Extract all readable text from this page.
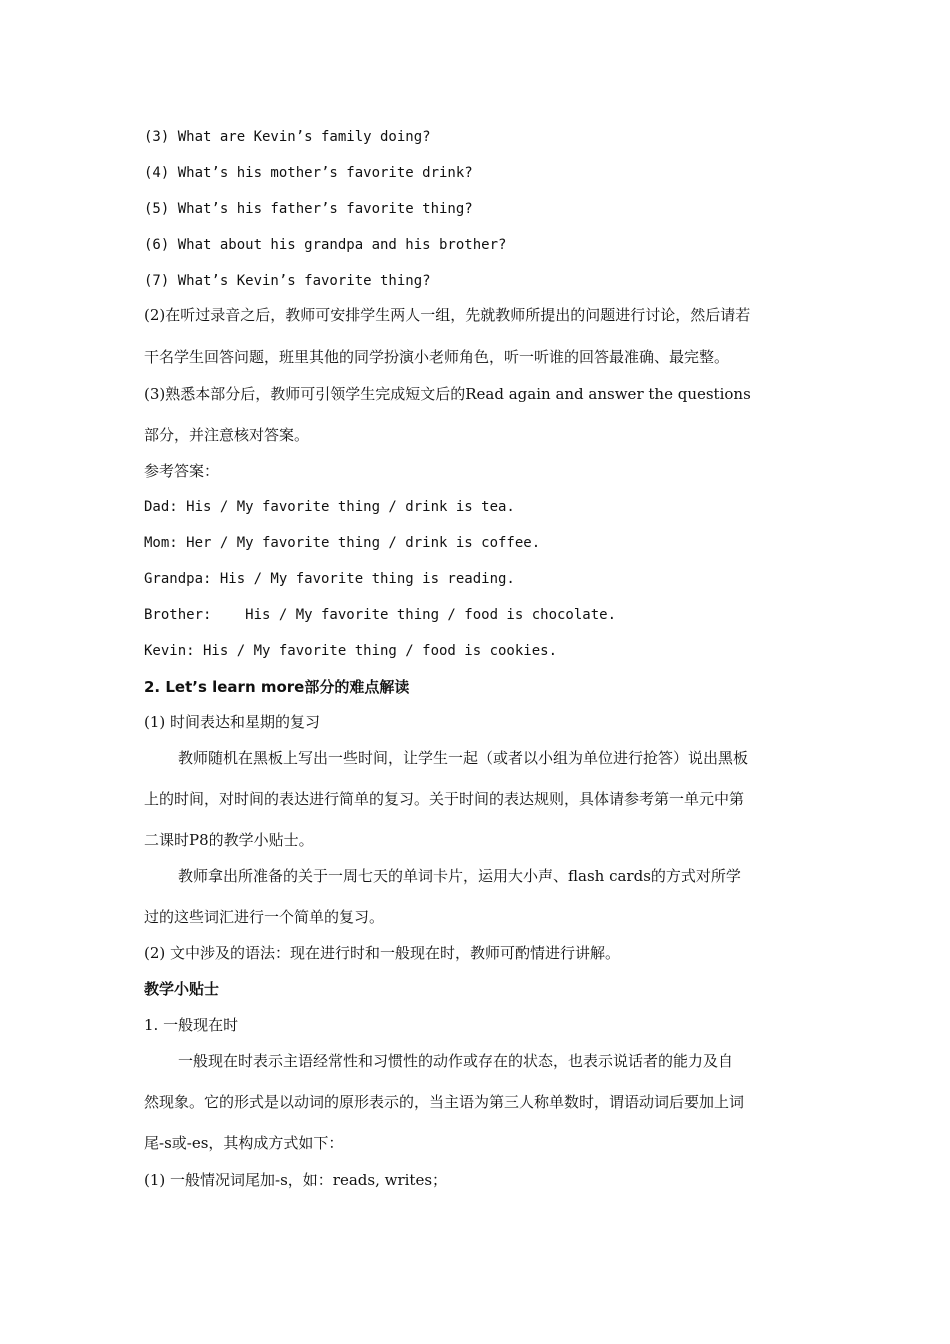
(3) What are Kevin’s family doing?
(4) What’s his mother’s favorite drink?
(5) What’s his father’s favorite thing?
(6) What about his grandpa and his brother?
(7) What’s Kevin’s favorite thing?
(2)在听过录音之后，教师可安排学生两人一组，先就教师所提出的问题进行讨论，然后请若
干名学生回答问题，班里其他的同学扮演小老师角色，听一听谁的回答最准确、最完整。
(3)熟悉本部分后，教师可引领学生完成短文后的Read again and answer the questions
部分，并注意核对答案。
参考答案：
Dad: His / My favorite thing / drink is tea.
Mom: Her / My favorite thing / drink is coffee.
Grandpa: His / My favorite thing is reading.
Brother:    His / My favorite thing / food is chocolate.
Kevin: His / My favorite thing / food is cookies.
2. Let’s learn more部分的难点解读
(1) 时间表达和星期的复习
教师随机在黑板上写出一些时间，让学生一起（或者以小组为单位进行抢答）说出黑板
上的时间，对时间的表达进行简单的复习。关于时间的表达规则，具体请参考第一单元中第
二课时P8的教学小贴士。
教师拿出所准备的关于一周七天的单词卡片，运用大小声、flash cards的方式对所学
过的这些词汇进行一个简单的复习。
(2) 文中涉及的语法：现在进行时和一般现在时，教师可酌情进行讲解。
教学小贴士
1. 一般现在时
一般现在时表示主语经常性和习惯性的动作或存在的状态，也表示说话者的能力及自
然现象。它的形式是以动词的原形表示的，当主语为第三人称单数时，谓语动词后要加上词
尾-s或-es，其构成方式如下：
(1) 一般情况词尾加-s，如：reads, writes；
